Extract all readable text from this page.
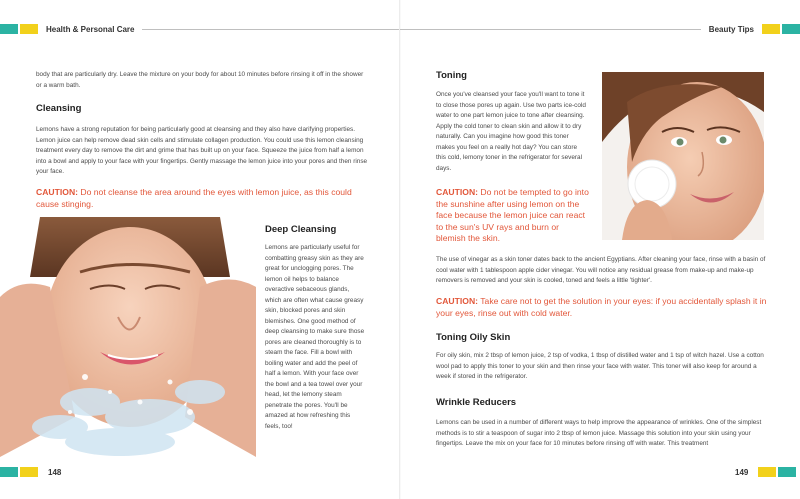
Health & Personal Care
body that are particularly dry. Leave the mixture on your body for about 10 minutes before rinsing it off in the shower or a warm bath.
Cleansing
Lemons have a strong reputation for being particularly good at cleansing and they also have clarifying properties. Lemon juice can help remove dead skin cells and stimulate collagen production. You could use this lemon cleansing treatment every day to remove the dirt and grime that has built up on your face. Squeeze the juice from half a lemon into a bowl and apply to your face with your fingertips. Gently massage the lemon juice into your pores and then rinse your face.
CAUTION: Do not cleanse the area around the eyes with lemon juice, as this could cause stinging.
Deep Cleansing
Lemons are particularly useful for combatting greasy skin as they are great for unclogging pores. The lemon oil helps to balance overactive sebaceous glands, which are often what cause greasy skin, blocked pores and skin blemishes. One good method of deep cleansing to make sure those pores are cleaned thoroughly is to steam the face. Fill a bowl with boiling water and add the peel of half a lemon. With your face over the bowl and a tea towel over your head, let the lemony steam penetrate the pores. You'll be amazed at how refreshing this feels, too!
148
Beauty Tips
Toning
Once you've cleansed your face you'll want to tone it to close those pores up again. Use two parts ice-cold water to one part lemon juice to tone after cleansing. Apply the cold toner to clean skin and allow it to dry naturally. Can you imagine how good this toner makes you feel on a really hot day? You can store this cold, lemony toner in the refrigerator for several days.
CAUTION: Do not be tempted to go into the sunshine after using lemon on the face because the lemon juice can react to the sun's UV rays and burn or blemish the skin.
The use of vinegar as a skin toner dates back to the ancient Egyptians. After cleaning your face, rinse with a basin of cool water with 1 tablespoon apple cider vinegar. You will notice any residual grease from make-up and make-up removers is removed and your skin is cooled, toned and feels a little 'tighter'.
CAUTION: Take care not to get the solution in your eyes: if you accidentally splash it in your eyes, rinse out with cold water.
Toning Oily Skin
For oily skin, mix 2 tbsp of lemon juice, 2 tsp of vodka, 1 tbsp of distilled water and 1 tsp of witch hazel. Use a cotton wool pad to apply this toner to your skin and then rinse your face with water. This toner will also keep for around a week if stored in the refrigerator.
Wrinkle Reducers
Lemons can be used in a number of different ways to help improve the appearance of wrinkles. One of the simplest methods is to stir a teaspoon of sugar into 2 tbsp of lemon juice. Massage this solution into your skin using your fingertips. Leave the mix on your face for 10 minutes before rinsing off with water. This treatment
149
